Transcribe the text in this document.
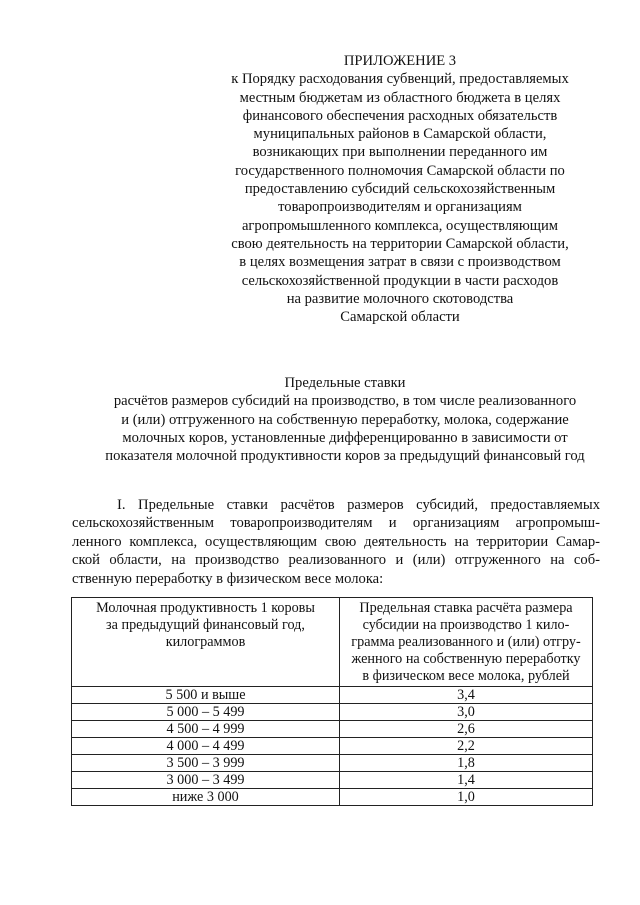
ПРИЛОЖЕНИЕ 3
к Порядку расходования субвенций, предоставляемых
местным бюджетам из областного бюджета в целях
финансового обеспечения расходных обязательств
муниципальных районов в Самарской области,
возникающих при выполнении переданного им
государственного полномочия Самарской области по
предоставлению субсидий сельскохозяйственным
товаропроизводителям и организациям
агропромышленного комплекса, осуществляющим
свою деятельность на территории Самарской области,
в целях возмещения затрат в связи с производством
сельскохозяйственной продукции в части расходов
на развитие молочного скотоводства
Самарской области
Предельные ставки
расчётов размеров субсидий на производство, в том числе реализованного
и (или) отгруженного на собственную переработку, молока, содержание
молочных коров, установленные дифференцированно в зависимости от
показателя молочной продуктивности коров за предыдущий финансовый год
I. Предельные ставки расчётов размеров субсидий, предоставляемых
сельскохозяйственным товаропроизводителям и организациям агропромыш-
ленного комплекса, осуществляющим свою деятельность на территории Самар-
ской области, на производство реализованного и (или) отгруженного на соб-
ственную переработку в физическом весе молока:
Молочная продуктивность 1 коровы
за предыдущий финансовый год,
килограммов	Предельная ставка расчёта размера
субсидии на производство 1 кило-
грамма реализованного и (или) отгру-
женного на собственную переработку
в физическом весе молока, рублей

5 500 и выше	3,4
5 000 – 5 499	3,0
4 500 – 4 999	2,6
4 000 – 4 499	2,2
3 500 – 3 999	1,8
3 000 – 3 499	1,4
ниже 3 000	1,0
